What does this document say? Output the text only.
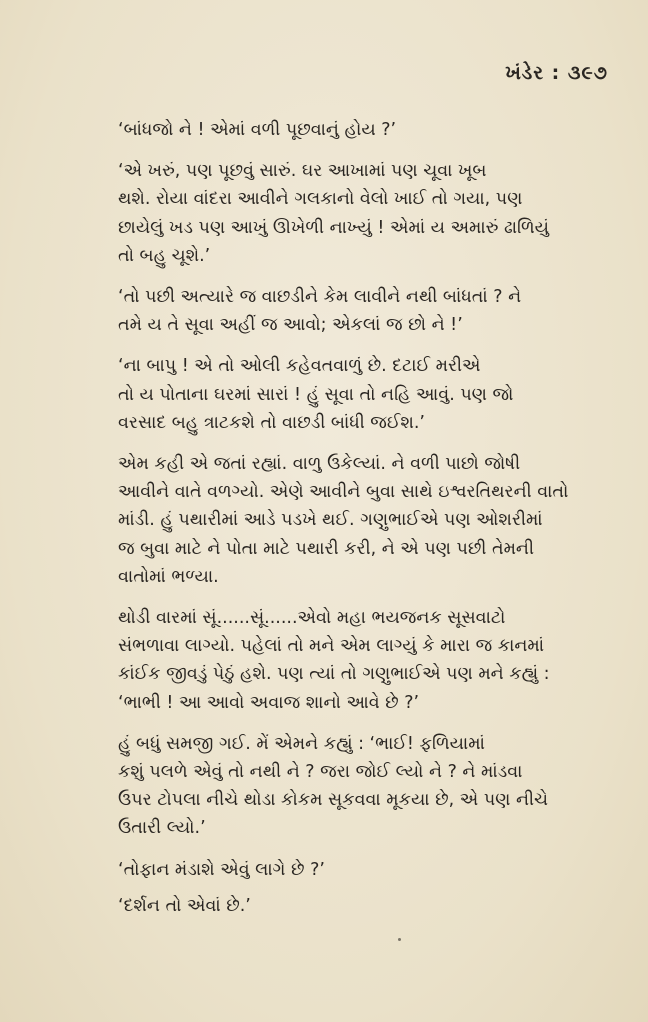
ખંડેર : ૩૯૭

‘બાંધજો ને ! એમાં વળી પૂછવાનું હોય ?’

‘એ ખરું, પણ પૂછવું સારું. ઘર આખામાં પણ ચૂવા ખૂબ
થશે. રોયા વાંદરા આવીને ગલકાનો વેલો ખાઈ તો ગયા, પણ
છાયેલું ખડ પણ આખું ઊખેળી નાખ્યું ! એમાં ય અમારું ઢાળિયું
તો બહુ ચૂશે.’

‘તો પછી અત્યારે જ વાછડીને કેમ લાવીને નથી બાંધતાં ? ને
તમે ય તે સૂવા અહીં જ આવો; એકલાં જ છો ને !’

‘ના બાપુ ! એ તો ઓલી કહેવતવાળું છે. દટાઈ મરીએ
તો ય પોતાના ઘરમાં સારાં ! હું સૂવા તો નહિ આવું. પણ જો
વરસાદ બહુ ત્રાટકશે તો વાછડી બાંધી જઈશ.’

એમ કહી એ જતાં રહ્યાં. વાળુ ઉકેલ્યાં. ને વળી પાછો જોષી
આવીને વાતે વળગ્યો. એણે આવીને બુવા સાથે ઇશ્વરતિથરની વાતો
માંડી. હું પથારીમાં આડે પડખે થઈ. ગણુભાઈએ પણ ઓશરીમાં
જ બુવા માટે ને પોતા માટે પથારી કરી, ને એ પણ પછી તેમની
વાતોમાં ભળ્યા.

થોડી વારમાં સૂં......સૂં......એવો મહા ભયજનક સૂસવાટો
સંભળાવા લાગ્યો. પહેલાં તો મને એમ લાગ્યું કે મારા જ કાનમાં
કાંઈક જીવડું પેઠું હશે. પણ ત્યાં તો ગણુભાઈએ પણ મને કહ્યું :
‘ભાભી ! આ આવો અવાજ શાનો આવે છે ?’

હું બધું સમજી ગઈ. મેં એમને કહ્યું : ‘ભાઈ! ફળિયામાં
કશું પલળે એવું તો નથી ને ? જરા જોઈ લ્યો ને ? ને માંડવા
ઉપર ટોપલા નીચે થોડા કોકમ સૂકવવા મૂકયા છે, એ પણ નીચે
ઉતારી લ્યો.’

‘તોફાન મંડાશે એવું લાગે છે ?’

‘દર્શન તો એવાં છે.’
